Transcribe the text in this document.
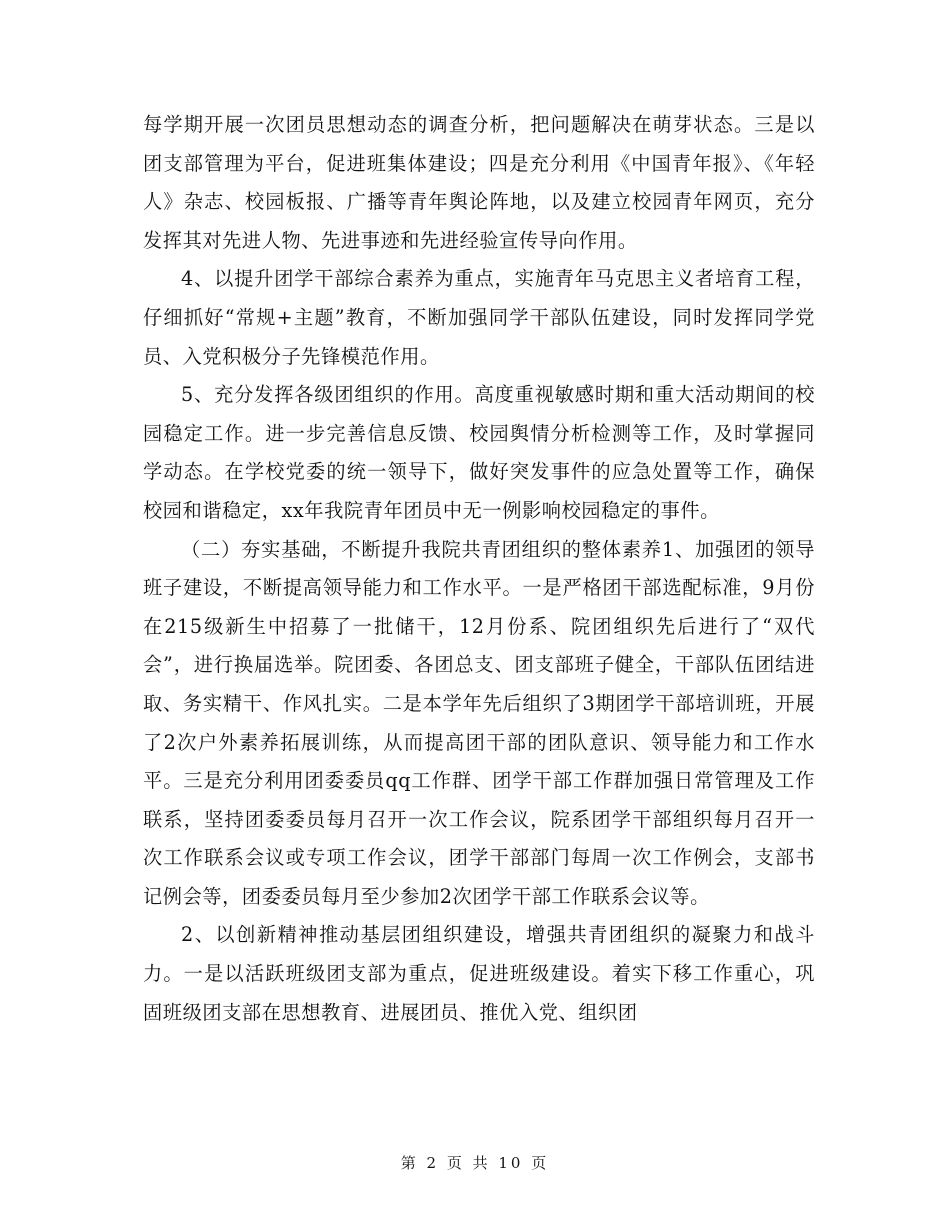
每学期开展一次团员思想动态的调查分析，把问题解决在萌芽状态。三是以团支部管理为平台，促进班集体建设；四是充分利用《中国青年报》、《年轻人》杂志、校园板报、广播等青年舆论阵地，以及建立校园青年网页，充分发挥其对先进人物、先进事迹和先进经验宣传导向作用。

4、以提升团学干部综合素养为重点，实施青年马克思主义者培育工程，仔细抓好“常规+主题”教育，不断加强同学干部队伍建设，同时发挥同学党员、入党积极分子先锋模范作用。

5、充分发挥各级团组织的作用。高度重视敏感时期和重大活动期间的校园稳定工作。进一步完善信息反馈、校园舆情分析检测等工作，及时掌握同学动态。在学校党委的统一领导下，做好突发事件的应急处置等工作，确保校园和谐稳定，xx年我院青年团员中无一例影响校园稳定的事件。

（二）夯实基础，不断提升我院共青团组织的整体素养1、加强团的领导班子建设，不断提高领导能力和工作水平。一是严格团干部选配标准，9月份在215级新生中招募了一批储干，12月份系、院团组织先后进行了“双代会”，进行换届选举。院团委、各团总支、团支部班子健全，干部队伍团结进取、务实精干、作风扎实。二是本学年先后组织了3期团学干部培训班，开展了2次户外素养拓展训练，从而提高团干部的团队意识、领导能力和工作水平。三是充分利用团委委员qq工作群、团学干部工作群加强日常管理及工作联系，坚持团委委员每月召开一次工作会议，院系团学干部组织每月召开一次工作联系会议或专项工作会议，团学干部部门每周一次工作例会，支部书记例会等，团委委员每月至少参加2次团学干部工作联系会议等。

2、以创新精神推动基层团组织建设，增强共青团组织的凝聚力和战斗力。一是以活跃班级团支部为重点，促进班级建设。着实下移工作重心，巩固班级团支部在思想教育、进展团员、推优入党、组织团

第 2 页 共 10 页
